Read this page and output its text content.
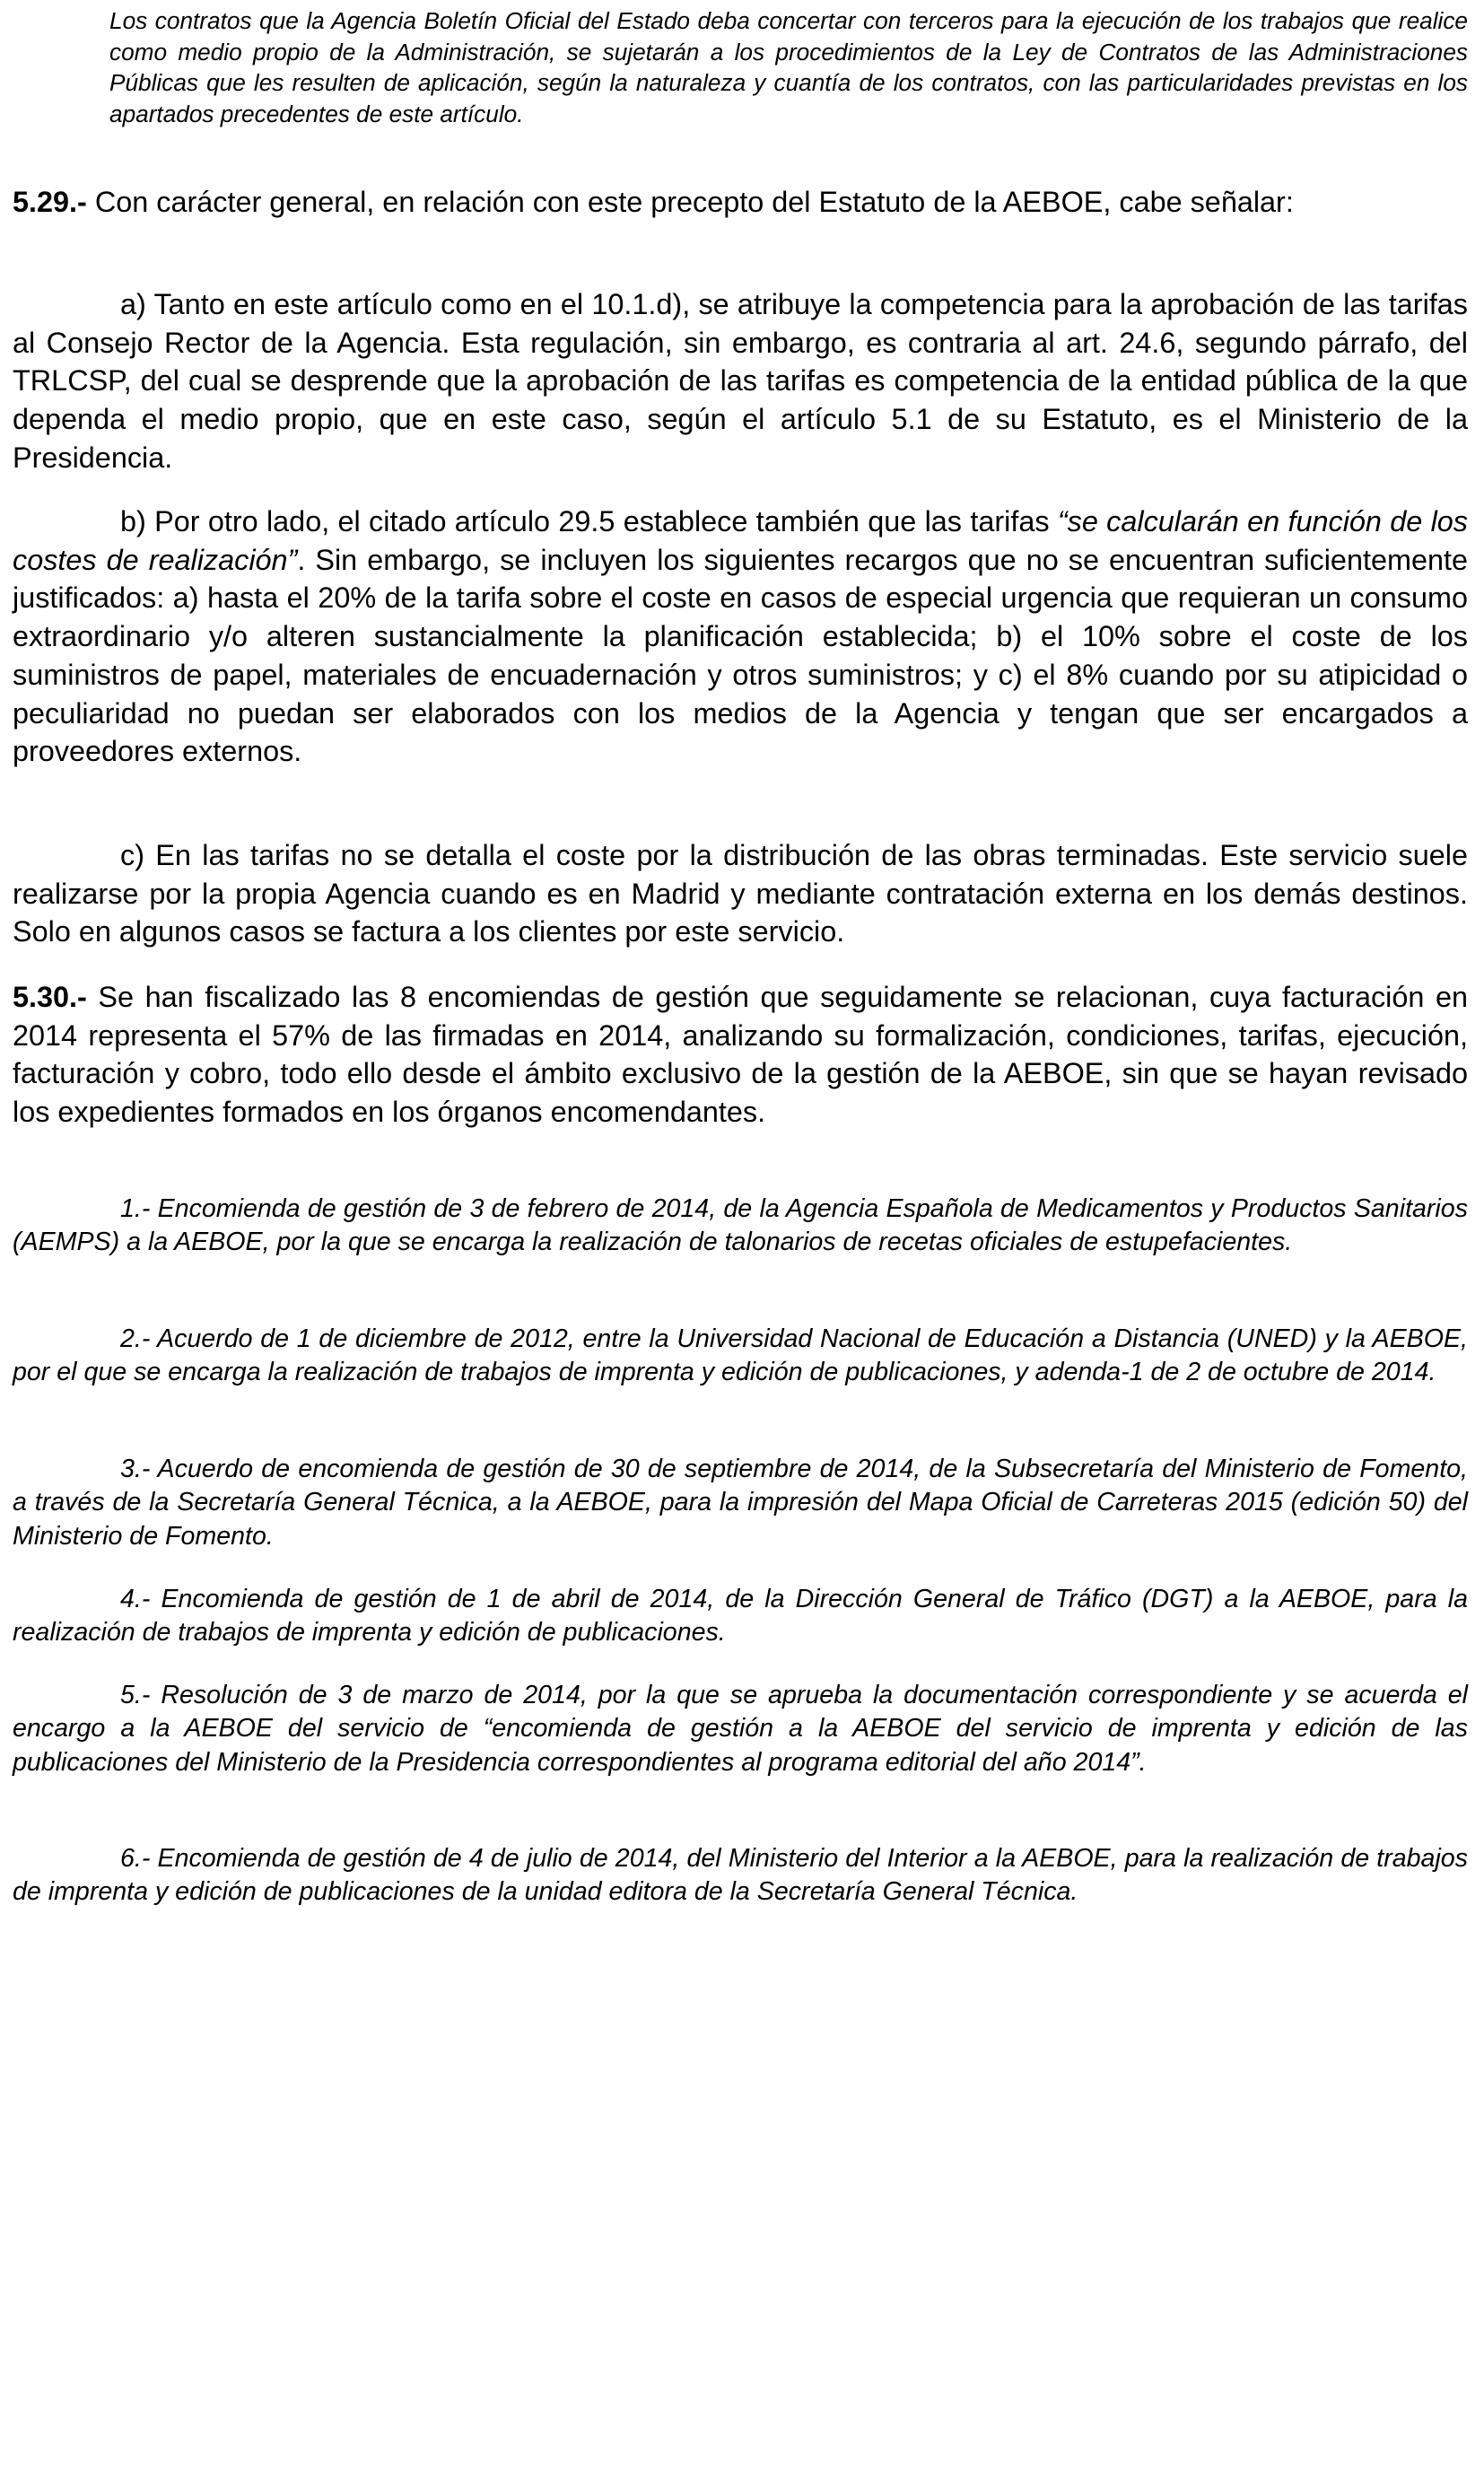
Los contratos que la Agencia Boletín Oficial del Estado deba concertar con terceros para la ejecución de los trabajos que realice como medio propio de la Administración, se sujetarán a los procedimientos de la Ley de Contratos de las Administraciones Públicas que les resulten de aplicación, según la naturaleza y cuantía de los contratos, con las particularidades previstas en los apartados precedentes de este artículo.

5.29.- Con carácter general, en relación con este precepto del Estatuto de la AEBOE, cabe señalar:

a) Tanto en este artículo como en el 10.1.d), se atribuye la competencia para la aprobación de las tarifas al Consejo Rector de la Agencia. Esta regulación, sin embargo, es contraria al art. 24.6, segundo párrafo, del TRLCSP, del cual se desprende que la aprobación de las tarifas es competencia de la entidad pública de la que dependa el medio propio, que en este caso, según el artículo 5.1 de su Estatuto, es el Ministerio de la Presidencia.

b) Por otro lado, el citado artículo 29.5 establece también que las tarifas “se calcularán en función de los costes de realización”. Sin embargo, se incluyen los siguientes recargos que no se encuentran suficientemente justificados: a) hasta el 20% de la tarifa sobre el coste en casos de especial urgencia que requieran un consumo extraordinario y/o alteren sustancialmente la planificación establecida; b) el 10% sobre el coste de los suministros de papel, materiales de encuadernación y otros suministros; y c) el 8% cuando por su atipicidad o peculiaridad no puedan ser elaborados con los medios de la Agencia y tengan que ser encargados a proveedores externos.

c) En las tarifas no se detalla el coste por la distribución de las obras terminadas. Este servicio suele realizarse por la propia Agencia cuando es en Madrid y mediante contratación externa en los demás destinos. Solo en algunos casos se factura a los clientes por este servicio.

5.30.- Se han fiscalizado las 8 encomiendas de gestión que seguidamente se relacionan, cuya facturación en 2014 representa el 57% de las firmadas en 2014, analizando su formalización, condiciones, tarifas, ejecución, facturación y cobro, todo ello desde el ámbito exclusivo de la gestión de la AEBOE, sin que se hayan revisado los expedientes formados en los órganos encomendantes.

1.- Encomienda de gestión de 3 de febrero de 2014, de la Agencia Española de Medicamentos y Productos Sanitarios (AEMPS) a la AEBOE, por la que se encarga la realización de talonarios de recetas oficiales de estupefacientes.

2.- Acuerdo de 1 de diciembre de 2012, entre la Universidad Nacional de Educación a Distancia (UNED) y la AEBOE, por el que se encarga la realización de trabajos de imprenta y edición de publicaciones, y adenda-1 de 2 de octubre de 2014.

3.- Acuerdo de encomienda de gestión de 30 de septiembre de 2014, de la Subsecretaría del Ministerio de Fomento, a través de la Secretaría General Técnica, a la AEBOE, para la impresión del Mapa Oficial de Carreteras 2015 (edición 50) del Ministerio de Fomento.

4.- Encomienda de gestión de 1 de abril de 2014, de la Dirección General de Tráfico (DGT) a la AEBOE, para la realización de trabajos de imprenta y edición de publicaciones.

5.- Resolución de 3 de marzo de 2014, por la que se aprueba la documentación correspondiente y se acuerda el encargo a la AEBOE del servicio de “encomienda de gestión a la AEBOE del servicio de imprenta y edición de las publicaciones del Ministerio de la Presidencia correspondientes al programa editorial del año 2014”.

6.- Encomienda de gestión de 4 de julio de 2014, del Ministerio del Interior a la AEBOE, para la realización de trabajos de imprenta y edición de publicaciones de la unidad editora de la Secretaría General Técnica.
